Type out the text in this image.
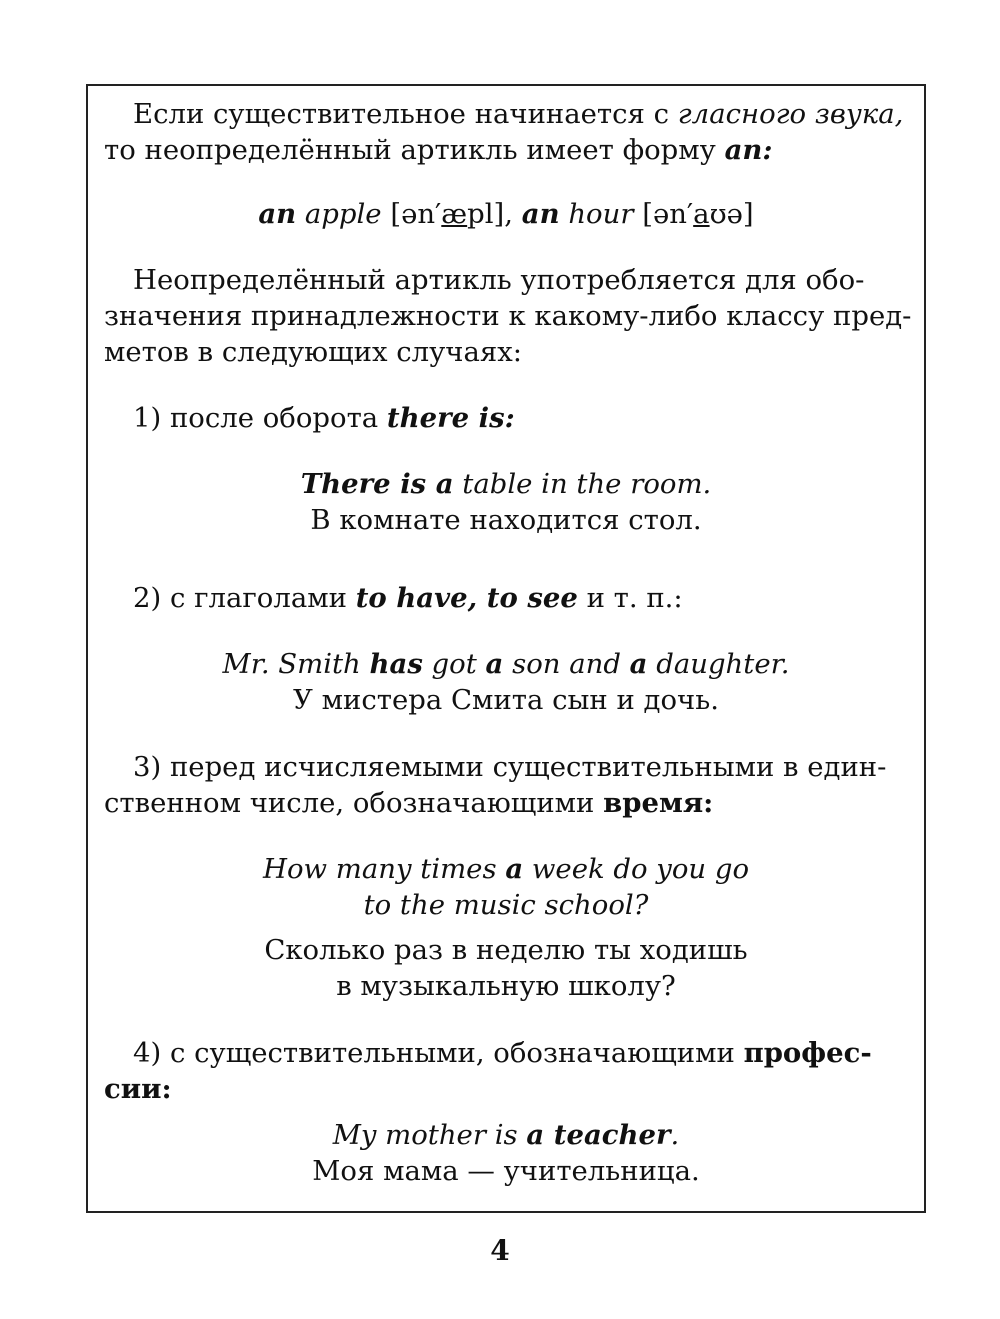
Если существительное начинается с гласного звука,

то неопределённый артикль имеет форму an:

an apple [ən′æpl], an hour [ən′aʊə]

Неопределённый артикль употребляется для обо-

значения принадлежности к какому-либо классу пред-

метов в следующих случаях:

1) после оборота there is:

There is a table in the room.

В комнате находится стол.

2) с глаголами to have, to see и т. п.:

Mr. Smith has got a son and a daughter.

У мистера Смита сын и дочь.

3) перед исчисляемыми существительными в един-

ственном числе, обозначающими время:

How many times a week do you go

to the music school?

Сколько раз в неделю ты ходишь

в музыкальную школу?

4) с существительными, обозначающими профес-

сии:

My mother is a teacher.

Моя мама — учительница.

4
